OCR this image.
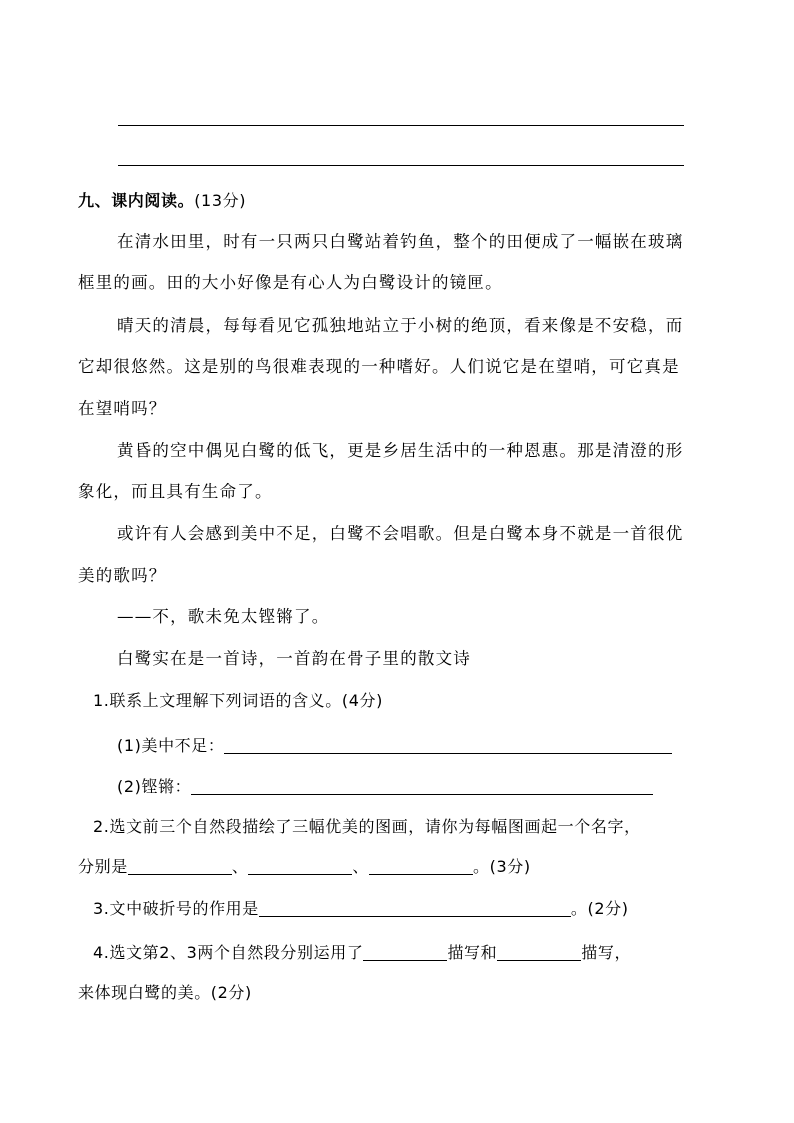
九、课内阅读。(13分)
在清水田里，时有一只两只白鹭站着钓鱼，整个的田便成了一幅嵌在玻璃
框里的画。田的大小好像是有心人为白鹭设计的镜匣。
晴天的清晨，每每看见它孤独地站立于小树的绝顶，看来像是不安稳，而
它却很悠然。这是别的鸟很难表现的一种嗜好。人们说它是在望哨，可它真是
在望哨吗？
黄昏的空中偶见白鹭的低飞，更是乡居生活中的一种恩惠。那是清澄的形
象化，而且具有生命了。
或许有人会感到美中不足，白鹭不会唱歌。但是白鹭本身不就是一首很优
美的歌吗？
——不，歌未免太铿锵了。
白鹭实在是一首诗，一首韵在骨子里的散文诗
1.联系上文理解下列词语的含义。(4分)
(1)美中不足：
(2)铿锵：
2.选文前三个自然段描绘了三幅优美的图画，请你为每幅图画起一个名字，
分别是	、	、	。(3分)
3.文中破折号的作用是	。(2分)
4.选文第2、3两个自然段分别运用了	描写和	描写，
来体现白鹭的美。(2分)
